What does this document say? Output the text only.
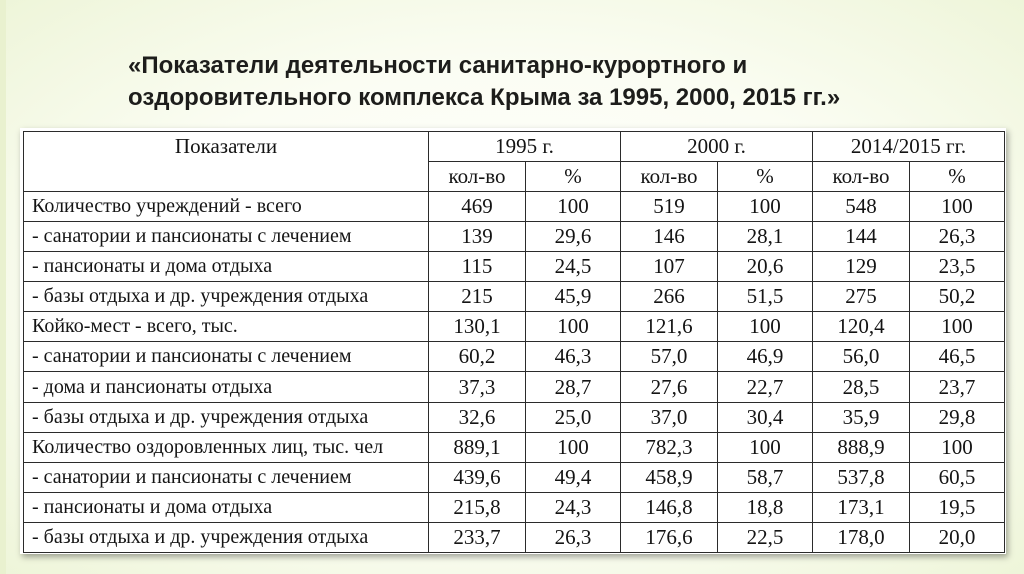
«Показатели деятельности санитарно-курортного и
оздоровительного комплекса Крыма за 1995, 2000, 2015 гг.»
Показатели	1995 г.		2000 г.		2014/2015 гг.	
	кол-во	%	кол-во	%	кол-во	%
Количество учреждений - всего	469	100	519	100	548	100
- санатории и пансионаты с лечением	139	29,6	146	28,1	144	26,3
- пансионаты и дома отдыха	115	24,5	107	20,6	129	23,5
- базы отдыха и др. учреждения отдыха	215	45,9	266	51,5	275	50,2
Койко-мест - всего, тыс.	130,1	100	121,6	100	120,4	100
- санатории и пансионаты с лечением	60,2	46,3	57,0	46,9	56,0	46,5
- дома и пансионаты отдыха	37,3	28,7	27,6	22,7	28,5	23,7
- базы отдыха и др. учреждения отдыха	32,6	25,0	37,0	30,4	35,9	29,8
Количество оздоровленных лиц, тыс. чел	889,1	100	782,3	100	888,9	100
- санатории и пансионаты с лечением	439,6	49,4	458,9	58,7	537,8	60,5
- пансионаты и дома отдыха	215,8	24,3	146,8	18,8	173,1	19,5
- базы отдыха и др. учреждения отдыха	233,7	26,3	176,6	22,5	178,0	20,0
